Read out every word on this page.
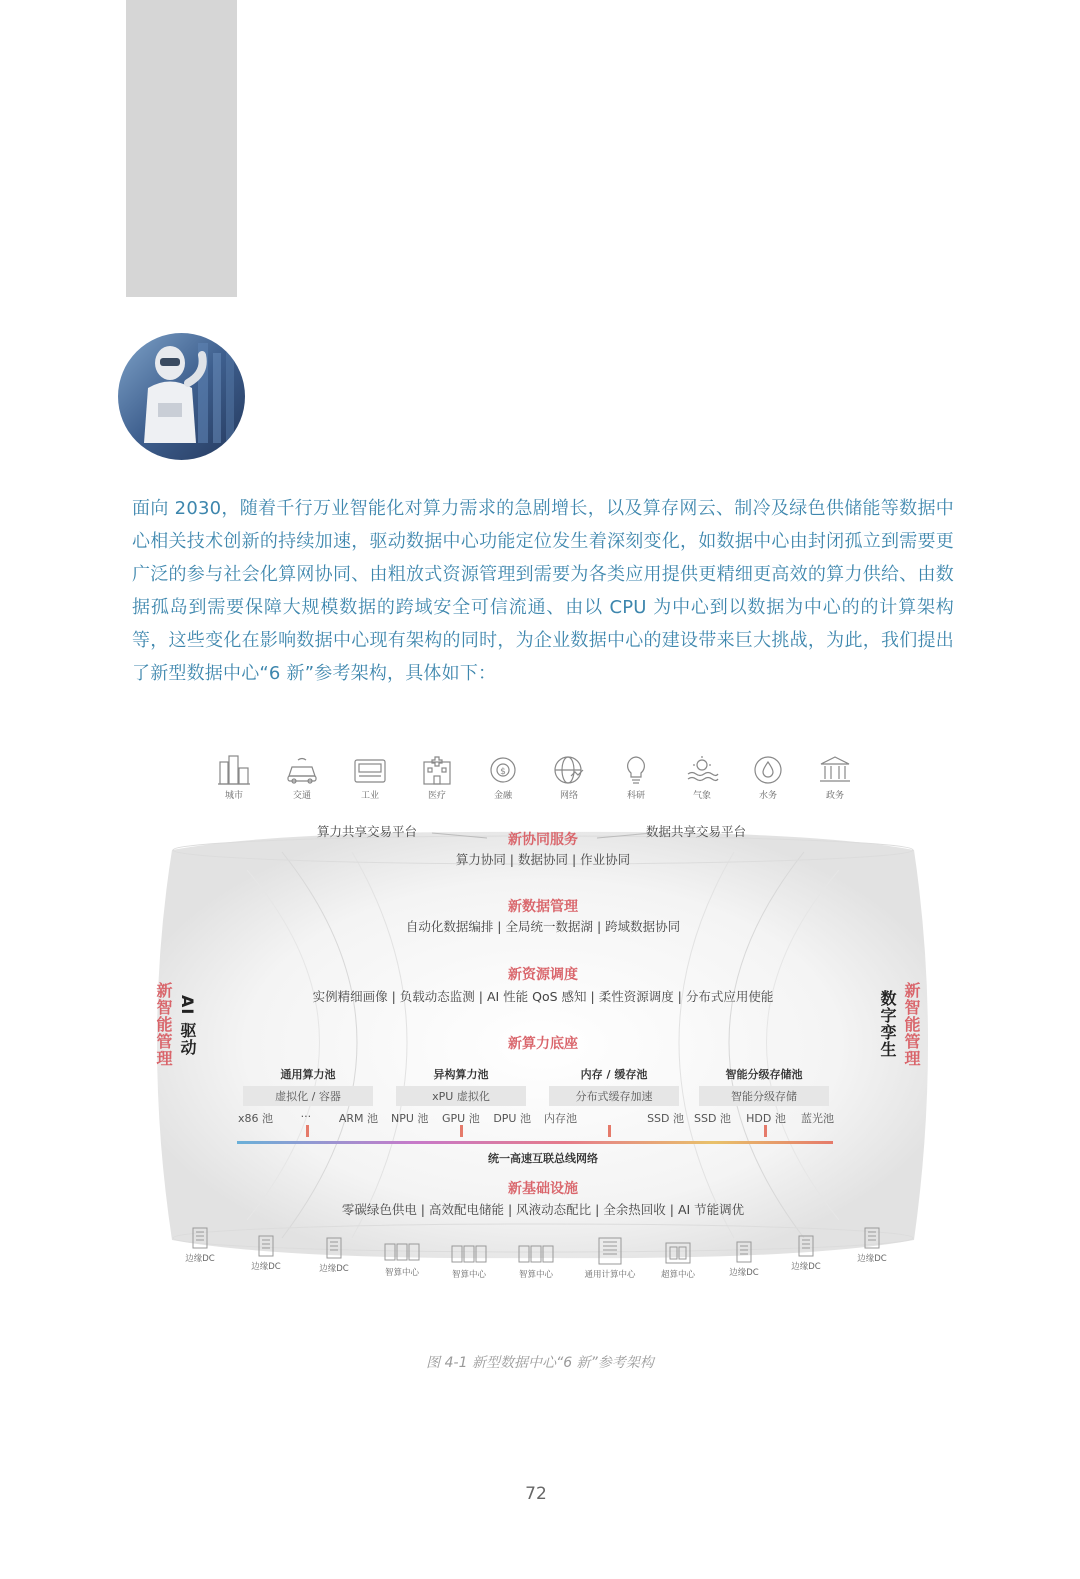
面向 2030，随着千行万业智能化对算力需求的急剧增长，以及算存网云、制冷及绿色供储能等数据中心相关技术创新的持续加速，驱动数据中心功能定位发生着深刻变化，如数据中心由封闭孤立到需要更广泛的参与社会化算网协同、由粗放式资源管理到需要为各类应用提供更精细更高效的算力供给、由数据孤岛到需要保障大规模数据的跨域安全可信流通、由以 CPU 为中心到以数据为中心的的计算架构等，这些变化在影响数据中心现有架构的同时，为企业数据中心的建设带来巨大挑战，为此，我们提出了新型数据中心“6 新”参考架构，具体如下：
城市	交通	工业	医疗
$
金融	网络	科研	气象	水务	政务
算力共享交易平台	数据共享交易平台
新协同服务
算力协同 | 数据协同 | 作业协同
新数据管理
自动化数据编排 | 全局统一数据湖 | 跨域数据协同
新资源调度
实例精细画像 | 负载动态监测 | AI 性能 QoS 感知 | 柔性资源调度 | 分布式应用使能
新算力底座
新智能管理 AI 驱动	数字孪生 新智能管理
通用算力池
虚拟化 / 容器
x86 池	···	ARM 池
异构算力池
xPU 虚拟化
NPU 池 GPU 池 DPU 池
内存 / 缓存池
分布式缓存加速
内存池	SSD 池
智能分级存储池
智能分级存储
SSD 池 HDD 池 蓝光池
统一高速互联总线网络
新基础设施
零碳绿色供电 | 高效配电储能 | 风液动态配比 | 全余热回收 | AI 节能调优
边缘DC
边缘DC	边缘DC	智算中心	智算中心	智算中心	通用计算中心	超算中心	边缘DC
边缘DC
边缘DC
图 4-1 新型数据中心“6 新”参考架构
72
